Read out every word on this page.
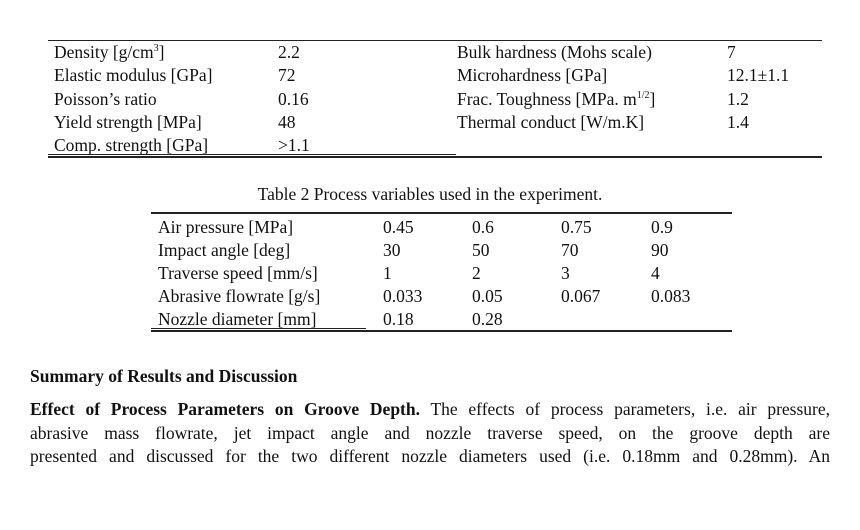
Density $[g/cm^3]$	2.2	Bulk hardness (Mohs scale)	7
Elastic modulus [GPa]	72	Microhardness [GPa]	12.1±1.1
Poisson’s ratio	0.16	Frac. Toughness [MPa. $m^{1/2}$]	1.2
Yield strength [MPa]	48	Thermal conduct [W/m.K]	1.4
Comp. strength [GPa]	>1.1
Table 2 Process variables used in the experiment.
Air pressure [MPa]	0.45	0.6	0.75	0.9
Impact angle [deg]	30	50	70	90
Traverse speed [mm/s]	1	2	3	4
Abrasive flowrate [g/s]	0.033	0.05	0.067	0.083
Nozzle diameter [mm]	0.18	0.28
Summary of Results and Discussion
Effect of Process Parameters on Groove Depth. The effects of process parameters, i.e. air pressure,
abrasive mass flowrate, jet impact angle and nozzle traverse speed, on the groove depth are
presented and discussed for the two different nozzle diameters used (i.e. 0.18mm and 0.28mm). An
